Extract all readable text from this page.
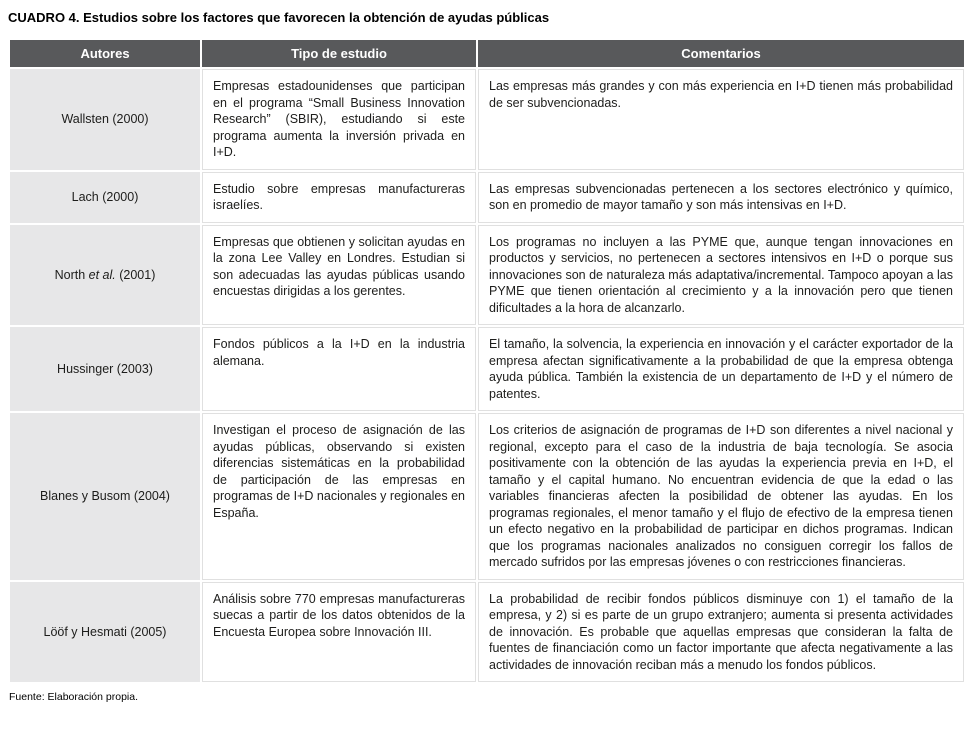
CUADRO 4. Estudios sobre los factores que favorecen la obtención de ayudas públicas
Autores	Tipo de estudio	Comentarios
Wallsten (2000)	Empresas estadounidenses que participan en el programa “Small Business Innovation Research” (SBIR), estudiando si este programa aumenta la inversión privada en I+D.	Las empresas más grandes y con más experiencia en I+D tienen más probabilidad de ser subvencionadas.
Lach (2000)	Estudio sobre empresas manufactureras israelíes.	Las empresas subvencionadas pertenecen a los sectores electrónico y químico, son en promedio de mayor tamaño y son más intensivas en I+D.
North et al. (2001)	Empresas que obtienen y solicitan ayudas en la zona Lee Valley en Londres. Estudian si son adecuadas las ayudas públicas usando encuestas dirigidas a los gerentes.	Los programas no incluyen a las PYME que, aunque tengan innovaciones en productos y servicios, no pertenecen a sectores intensivos en I+D o porque sus innovaciones son de naturaleza más adaptativa/incremental. Tampoco apoyan a las PYME que tienen orientación al crecimiento y a la innovación pero que tienen dificultades a la hora de alcanzarlo.
Hussinger (2003)	Fondos públicos a la I+D en la industria alemana.	El tamaño, la solvencia, la experiencia en innovación y el carácter exportador de la empresa afectan significativamente a la probabilidad de que la empresa obtenga ayuda pública. También la existencia de un departamento de I+D y el número de patentes.
Blanes y Busom (2004)	Investigan el proceso de asignación de las ayudas públicas, observando si existen diferencias sistemáticas en la probabilidad de participación de las empresas en programas de I+D nacionales y regionales en España.	Los criterios de asignación de programas de I+D son diferentes a nivel nacional y regional, excepto para el caso de la industria de baja tecnología. Se asocia positivamente con la obtención de las ayudas la experiencia previa en I+D, el tamaño y el capital humano. No encuentran evidencia de que la edad o las variables financieras afecten la posibilidad de obtener las ayudas. En los programas regionales, el menor tamaño y el flujo de efectivo de la empresa tienen un efecto negativo en la probabilidad de participar en dichos programas. Indican que los programas nacionales analizados no consiguen corregir los fallos de mercado sufridos por las empresas jóvenes o con restricciones financieras.
Lööf y Hesmati (2005)	Análisis sobre 770 empresas manufactureras suecas a partir de los datos obtenidos de la Encuesta Europea sobre Innovación III.	La probabilidad de recibir fondos públicos disminuye con 1) el tamaño de la empresa, y 2) si es parte de un grupo extranjero; aumenta si presenta actividades de innovación. Es probable que aquellas empresas que consideran la falta de fuentes de financiación como un factor importante que afecta negativamente a las actividades de innovación reciban más a menudo los fondos públicos.
Fuente: Elaboración propia.
